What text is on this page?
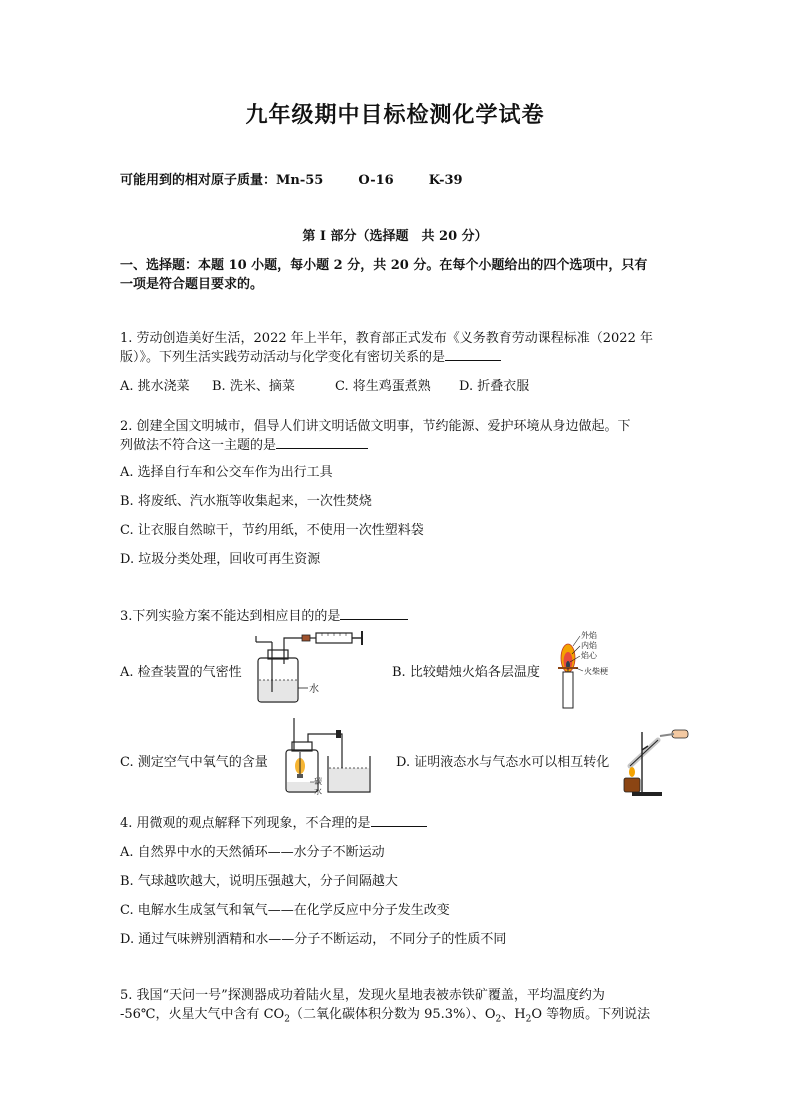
九年级期中目标检测化学试卷
可能用到的相对原子质量：Mn-55	O-16	K-39
第 I 部分（选择题　共 20 分）
一、选择题：本题 10 小题，每小题 2 分，共 20 分。在每个小题给出的四个选项中，只有
一项是符合题目要求的。
1. 劳动创造美好生活，2022 年上半年，教育部正式发布《义务教育劳动课程标准（2022 年
版）》。下列生活实践劳动活动与化学变化有密切关系的是
A. 挑水浇菜 B. 洗米、摘菜	C. 将生鸡蛋煮熟 D. 折叠衣服
2. 创建全国文明城市，倡导人们讲文明话做文明事，节约能源、爱护环境从身边做起。下
列做法不符合这一主题的是
A. 选择自行车和公交车作为出行工具
B. 将废纸、汽水瓶等收集起来，一次性焚烧
C. 让衣服自然晾干，节约用纸，不使用一次性塑料袋
D. 垃圾分类处理，回收可再生资源
3.下列实验方案不能达到相应目的的是
A. 检查装置的气密性	B. 比较蜡烛火焰各层温度
C. 测定空气中氧气的含量	D. 证明液态水与气态水可以相互转化
水
外焰
内焰
焰心
火柴梗
碳
水
4. 用微观的观点解释下列现象，不合理的是
A. 自然界中水的天然循环——水分子不断运动
B. 气球越吹越大，说明压强越大，分子间隔越大
C. 电解水生成氢气和氧气——在化学反应中分子发生改变
D. 通过气味辨别酒精和水——分子不断运动， 不同分子的性质不同
5. 我国“天问一号”探测器成功着陆火星，发现火星地表被赤铁矿覆盖，平均温度约为
-56℃，火星大气中含有 $CO_2$（二氧化碳体积分数为 95.3%）、$O_2$、$H_2O$ 等物质。下列说法
